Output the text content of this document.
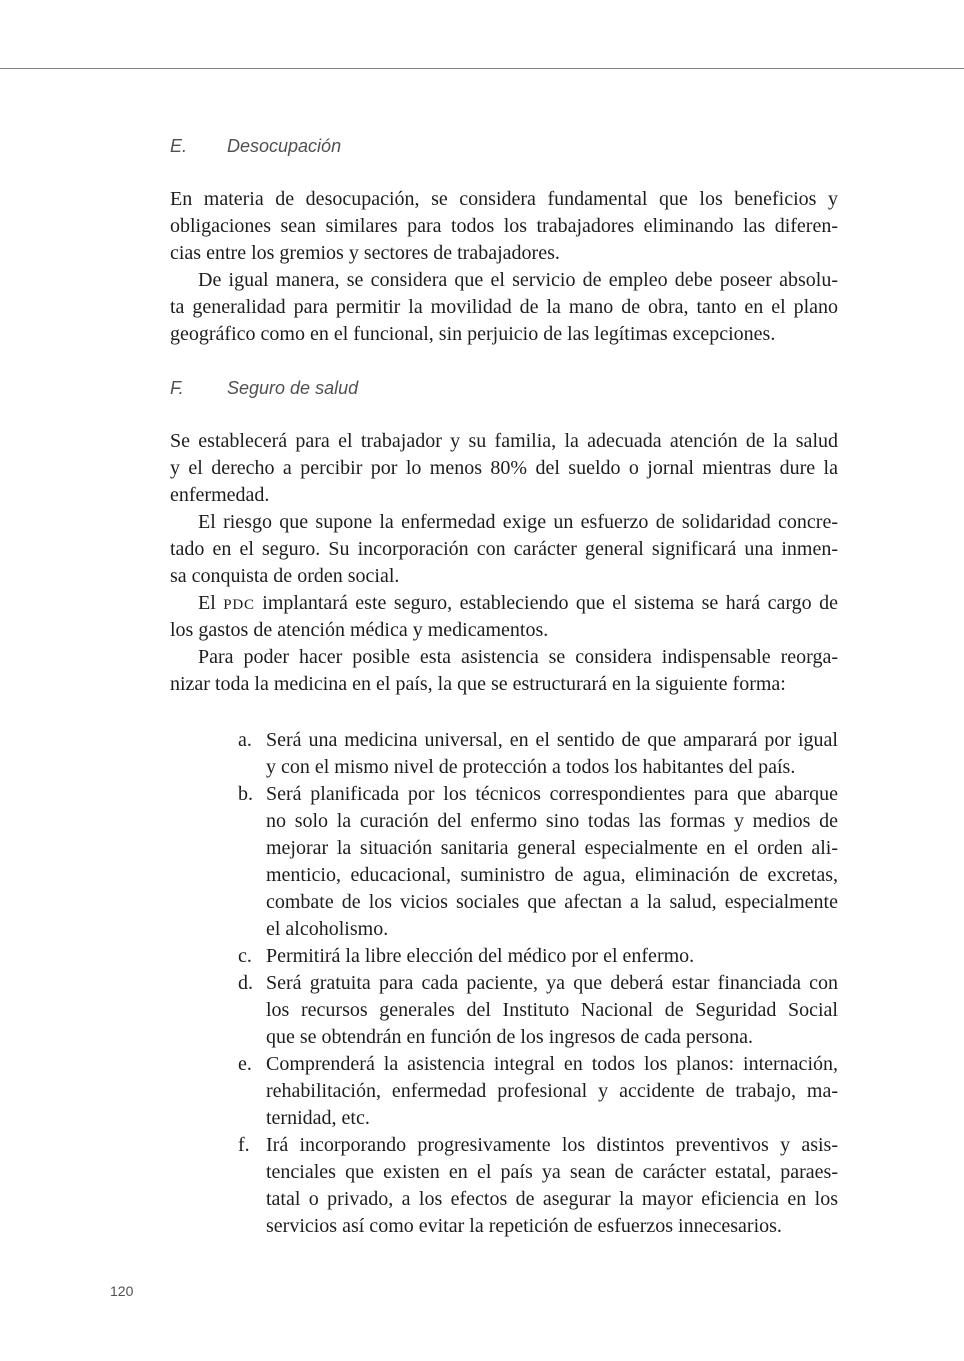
E. Desocupación
En materia de desocupación, se considera fundamental que los beneficios y
obligaciones sean similares para todos los trabajadores eliminando las diferen-
cias entre los gremios y sectores de trabajadores.
De igual manera, se considera que el servicio de empleo debe poseer absolu-
ta generalidad para permitir la movilidad de la mano de obra, tanto en el plano
geográfico como en el funcional, sin perjuicio de las legítimas excepciones.
F. Seguro de salud
Se establecerá para el trabajador y su familia, la adecuada atención de la salud
y el derecho a percibir por lo menos 80% del sueldo o jornal mientras dure la
enfermedad.
El riesgo que supone la enfermedad exige un esfuerzo de solidaridad concre-
tado en el seguro. Su incorporación con carácter general significará una inmen-
sa conquista de orden social.
El PDC implantará este seguro, estableciendo que el sistema se hará cargo de
los gastos de atención médica y medicamentos.
Para poder hacer posible esta asistencia se considera indispensable reorga-
nizar toda la medicina en el país, la que se estructurará en la siguiente forma:
a. Será una medicina universal, en el sentido de que amparará por igual
y con el mismo nivel de protección a todos los habitantes del país.
b. Será planificada por los técnicos correspondientes para que abarque
no solo la curación del enfermo sino todas las formas y medios de
mejorar la situación sanitaria general especialmente en el orden ali-
menticio, educacional, suministro de agua, eliminación de excretas,
combate de los vicios sociales que afectan a la salud, especialmente
el alcoholismo.
c. Permitirá la libre elección del médico por el enfermo.
d. Será gratuita para cada paciente, ya que deberá estar financiada con
los recursos generales del Instituto Nacional de Seguridad Social
que se obtendrán en función de los ingresos de cada persona.
e. Comprenderá la asistencia integral en todos los planos: internación,
rehabilitación, enfermedad profesional y accidente de trabajo, ma-
ternidad, etc.
f. Irá incorporando progresivamente los distintos preventivos y asis-
tenciales que existen en el país ya sean de carácter estatal, paraes-
tatal o privado, a los efectos de asegurar la mayor eficiencia en los
servicios así como evitar la repetición de esfuerzos innecesarios.
120
